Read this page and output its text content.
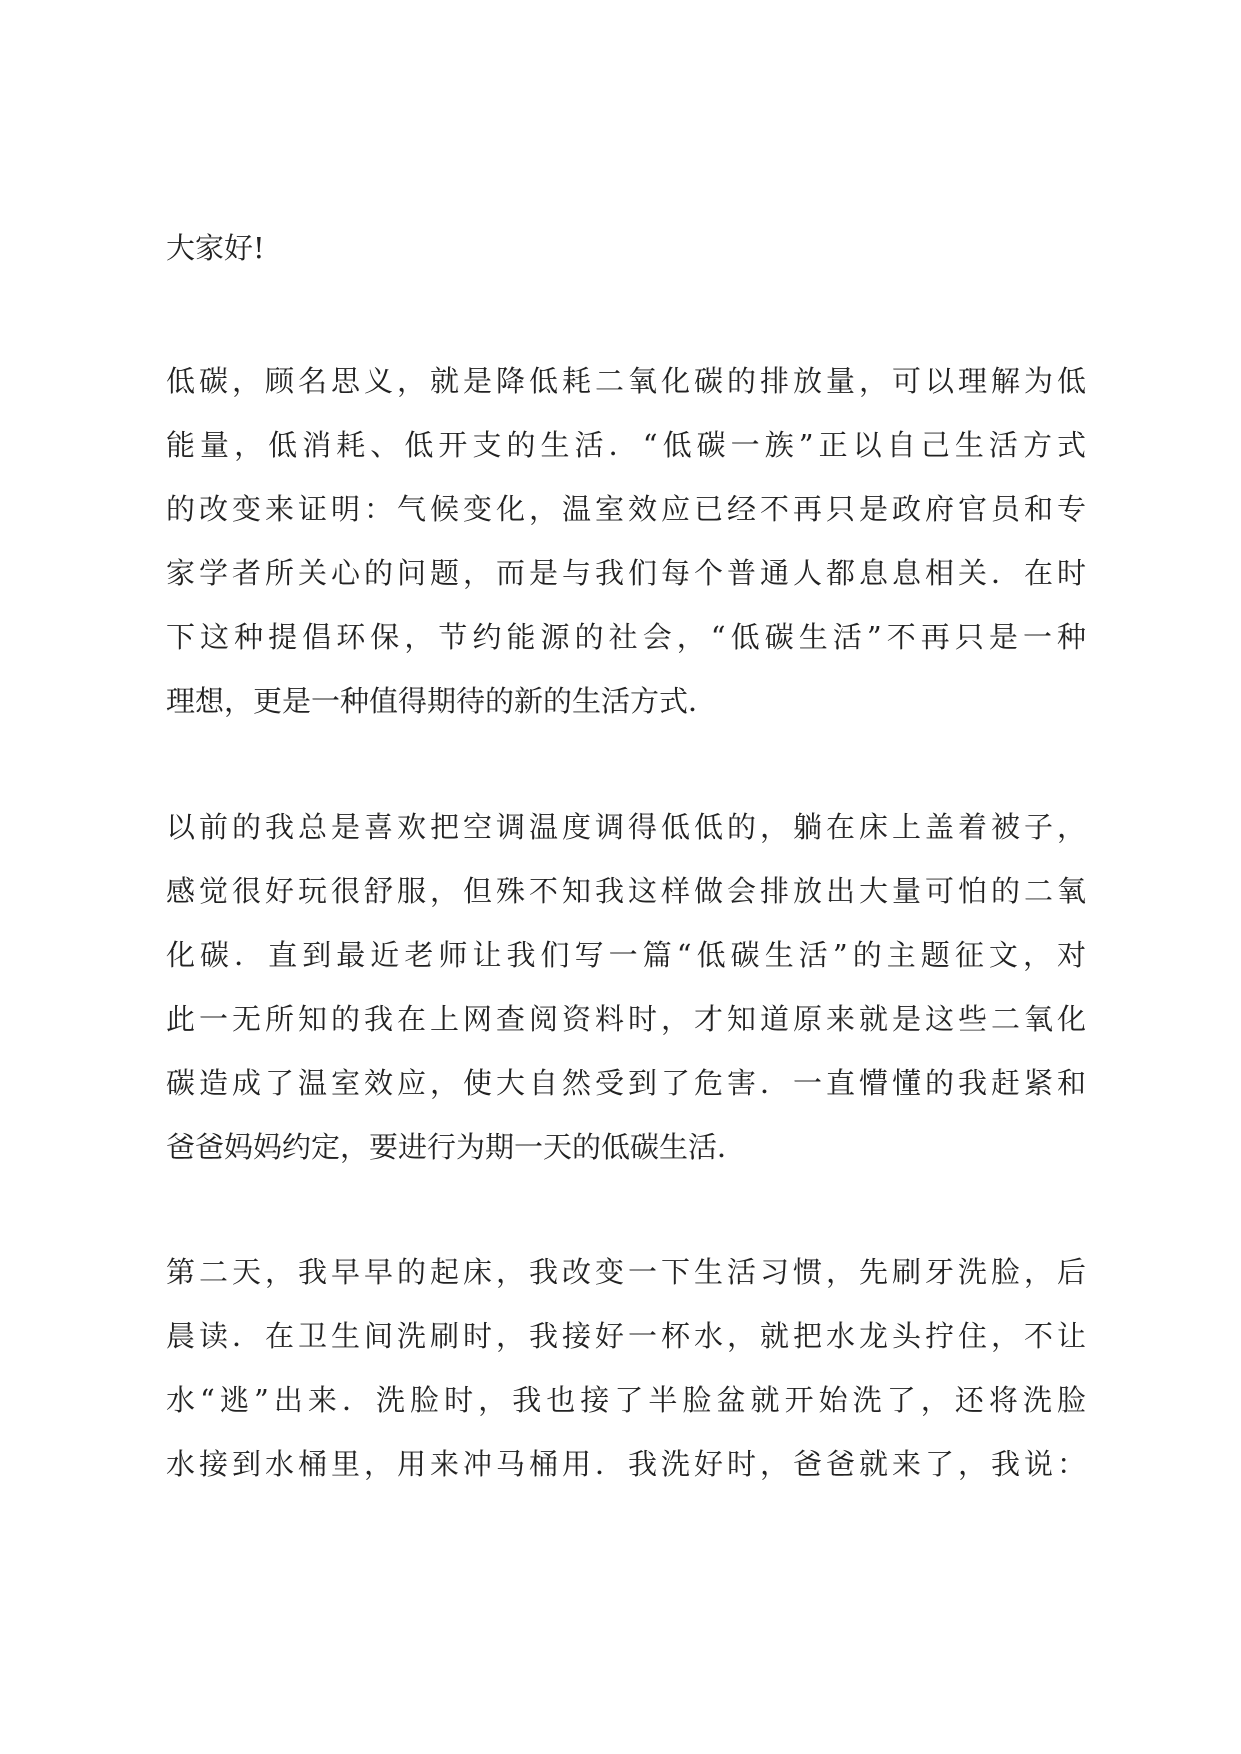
大家好!

低碳，顾名思义，就是降低耗二氧化碳的排放量，可以理解为低
能量，低消耗、低开支的生活．“低碳一族”正以自己生活方式
的改变来证明：气候变化，温室效应已经不再只是政府官员和专
家学者所关心的问题，而是与我们每个普通人都息息相关．在时
下这种提倡环保，节约能源的社会，“低碳生活”不再只是一种
理想，更是一种值得期待的新的生活方式．
以前的我总是喜欢把空调温度调得低低的，躺在床上盖着被子，
感觉很好玩很舒服，但殊不知我这样做会排放出大量可怕的二氧
化碳．直到最近老师让我们写一篇“低碳生活”的主题征文，对
此一无所知的我在上网查阅资料时，才知道原来就是这些二氧化
碳造成了温室效应，使大自然受到了危害．一直懵懂的我赶紧和
爸爸妈妈约定，要进行为期一天的低碳生活．
第二天，我早早的起床，我改变一下生活习惯，先刷牙洗脸，后
晨读．在卫生间洗刷时，我接好一杯水，就把水龙头拧住，不让
水“逃”出来．洗脸时，我也接了半脸盆就开始洗了，还将洗脸
水接到水桶里，用来冲马桶用．我洗好时，爸爸就来了，我说：
